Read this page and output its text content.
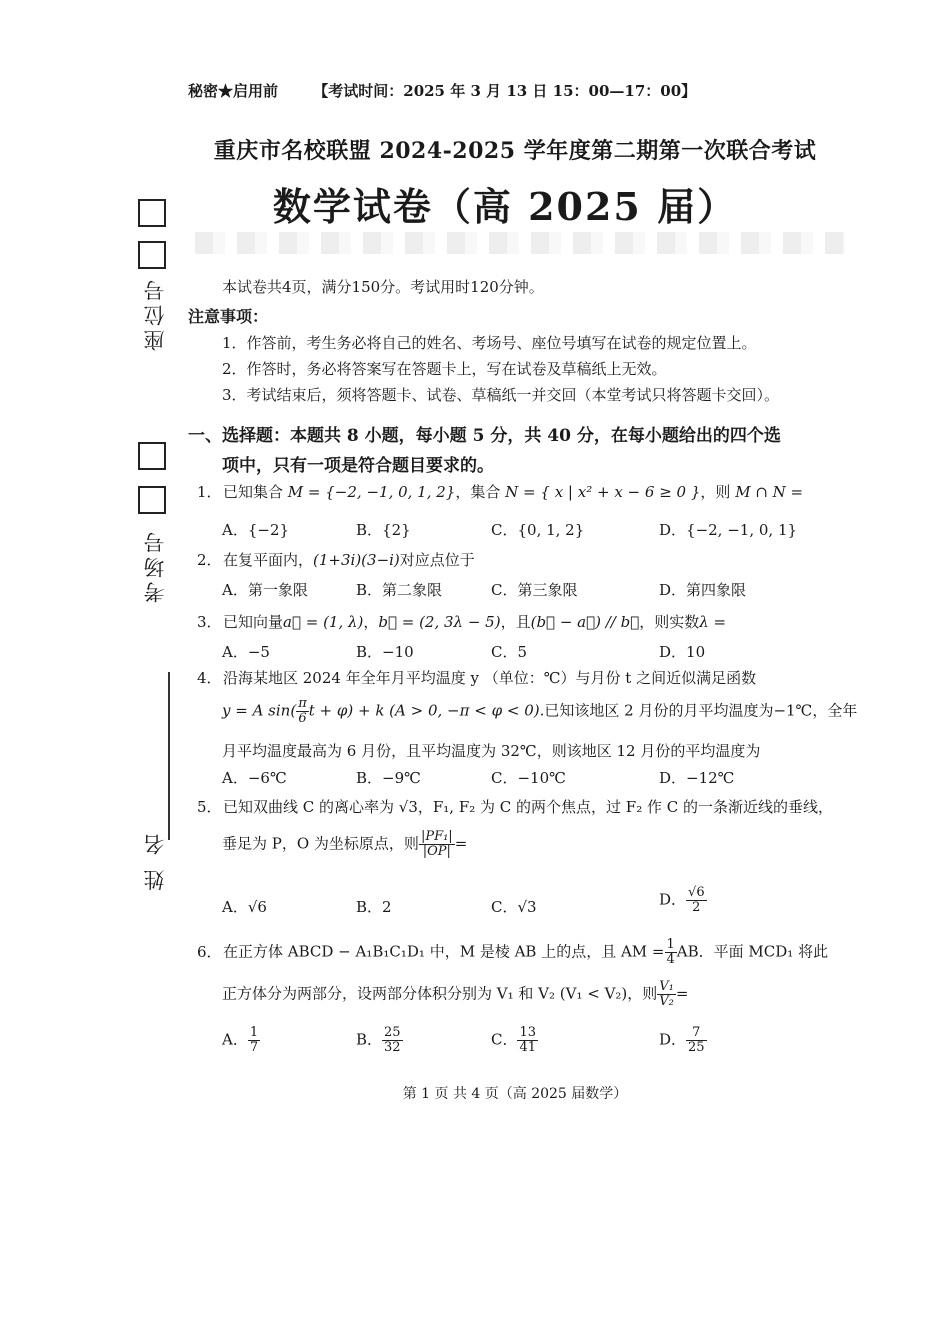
秘密★启用前 【考试时间：2025 年 3 月 13 日 15：00—17：00】
重庆市名校联盟 2024-2025 学年度第二期第一次联合考试
数学试卷（高 2025 届）
座位号
考场号
姓 名
本试卷共4页，满分150分。考试用时120分钟。
注意事项：
1．作答前，考生务必将自己的姓名、考场号、座位号填写在试卷的规定位置上。
2．作答时，务必将答案写在答题卡上，写在试卷及草稿纸上无效。
3．考试结束后，须将答题卡、试卷、草稿纸一并交回（本堂考试只将答题卡交回）。
一、选择题：本题共 8 小题，每小题 5 分，共 40 分，在每小题给出的四个选
项中，只有一项是符合题目要求的。
1．已知集合 M = {−2, −1, 0, 1, 2}，集合 N = { x | x² + x − 6 ≥ 0 }，则 M ∩ N =
A．{−2}	B．{2}	C．{0, 1, 2}	D．{−2, −1, 0, 1}
2．在复平面内，(1+3i)(3−i)对应点位于
A．第一象限	B．第二象限	C．第三象限	D．第四象限
3．已知向量a⃗ = (1, λ)，b⃗ = (2, 3λ − 5)，且(b⃗ − a⃗) // b⃗，则实数λ =
A．−5	B．−10	C．5	D．10
4．沿海某地区 2024 年全年月平均温度 y （单位：℃）与月份 t 之间近似满足函数
y = A $\sin( \frac{\pi}{6}$ t + φ) + k (A > 0, −π < φ < 0).已知该地区 2 月份的月平均温度为−1℃，全年
月平均温度最高为 6 月份，且平均温度为 32℃，则该地区 12 月份的平均温度为
A．−6℃	B．−9℃	C．−10℃	D．−12℃
5．已知双曲线 C 的离心率为 √3，F₁, F₂ 为 C 的两个焦点，过 F₂ 作 C 的一条渐近线的垂线，
垂足为 P，O 为坐标原点，则 $\frac{\text{|PF₁|}}{|OP|}$ =
A．√6	B．2	C．√3	D． $\frac{√6}{2}$
6．在正方体 ABCD − A₁B₁C₁D₁ 中，M 是棱 AB 上的点，且 AM = $\frac{1}{4}$ AB．平面 MCD₁ 将此
正方体分为两部分，设两部分体积分别为 V₁ 和 V₂ (V₁ < V₂)，则 $\frac{\text{V₁}}{\text{V₂}}$ =
A． $\frac{1}{7}$	B． $\frac{25}{32}$	C． $\frac{13}{41}$	D． $\frac{7}{25}$
第 1 页 共 4 页（高 2025 届数学）
